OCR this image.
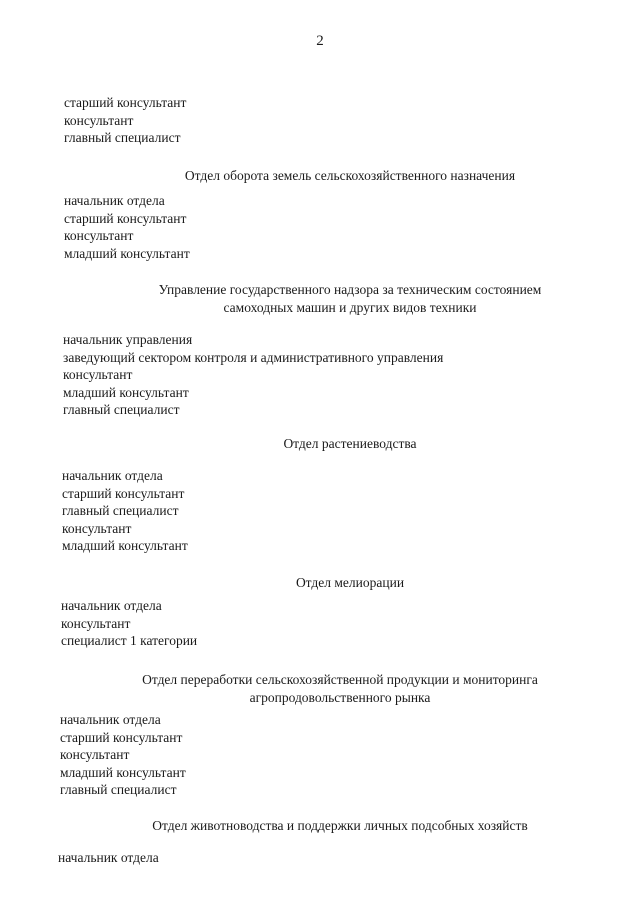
2
старший консультант
консультант
главный специалист
Отдел оборота земель сельскохозяйственного назначения
начальник отдела
старший консультант
консультант
младший консультант
Управление государственного надзора за техническим состоянием
самоходных машин и других видов техники
начальник управления
заведующий сектором контроля и административного управления
консультант
младший консультант
главный специалист
Отдел растениеводства
начальник отдела
старший консультант
главный специалист
консультант
младший консультант
Отдел мелиорации
начальник отдела
консультант
специалист 1 категории
Отдел переработки сельскохозяйственной продукции и мониторинга
агропродовольственного рынка
начальник отдела
старший консультант
консультант
младший консультант
главный специалист
Отдел животноводства и поддержки личных подсобных хозяйств
начальник отдела
